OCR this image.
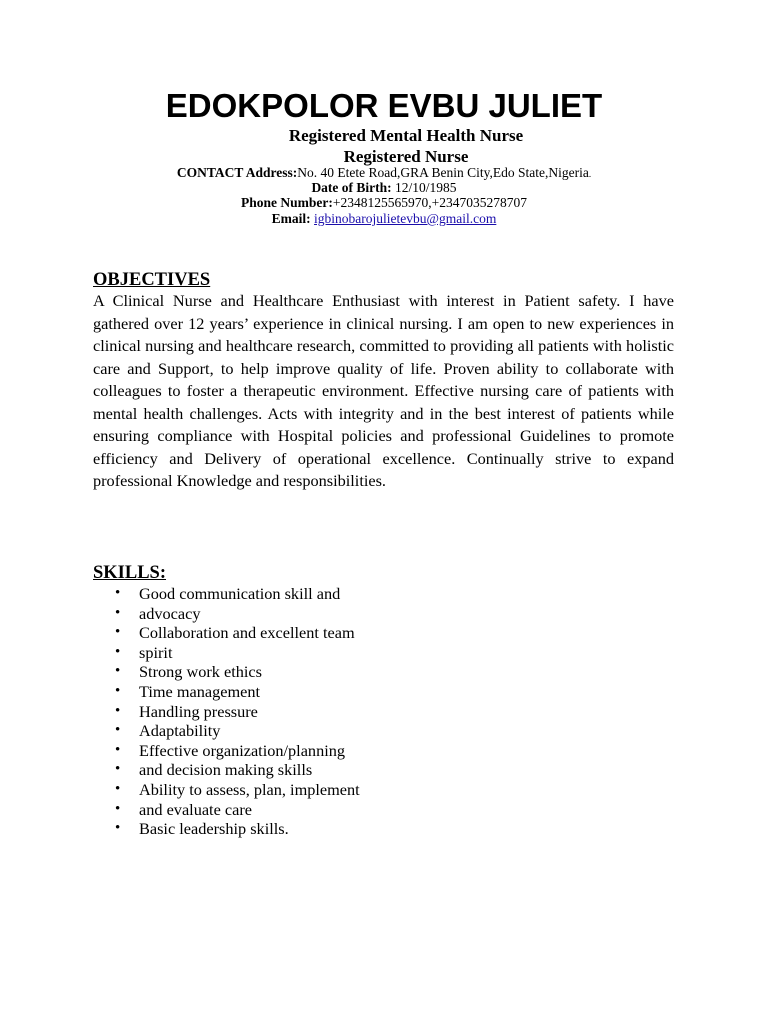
EDOKPOLOR EVBU JULIET
Registered Mental Health Nurse
Registered Nurse
CONTACT Address:No. 40 Etete Road,GRA Benin City,Edo State,Nigeria.
Date of Birth: 12/10/1985
Phone Number:+2348125565970,+2347035278707
Email: igbinobarojulietevbu@gmail.com
OBJECTIVES

A Clinical Nurse and Healthcare Enthusiast with interest in Patient safety. I have gathered over 12 years’ experience in clinical nursing. I am open to new experiences in clinical nursing and healthcare research, committed to providing all patients with holistic care and Support, to help improve quality of life. Proven ability to collaborate with colleagues to foster a therapeutic environment. Effective nursing care of patients with mental health challenges. Acts with integrity and in the best interest of patients while ensuring compliance with Hospital policies and professional Guidelines to promote efficiency and Delivery of operational excellence. Continually strive to expand professional Knowledge and responsibilities.

SKILLS:
• Good communication skill and
• advocacy
• Collaboration and excellent team
• spirit
• Strong work ethics
• Time management
• Handling pressure
• Adaptability
• Effective organization/planning
• and decision making skills
• Ability to assess, plan, implement
• and evaluate care
• Basic leadership skills.
